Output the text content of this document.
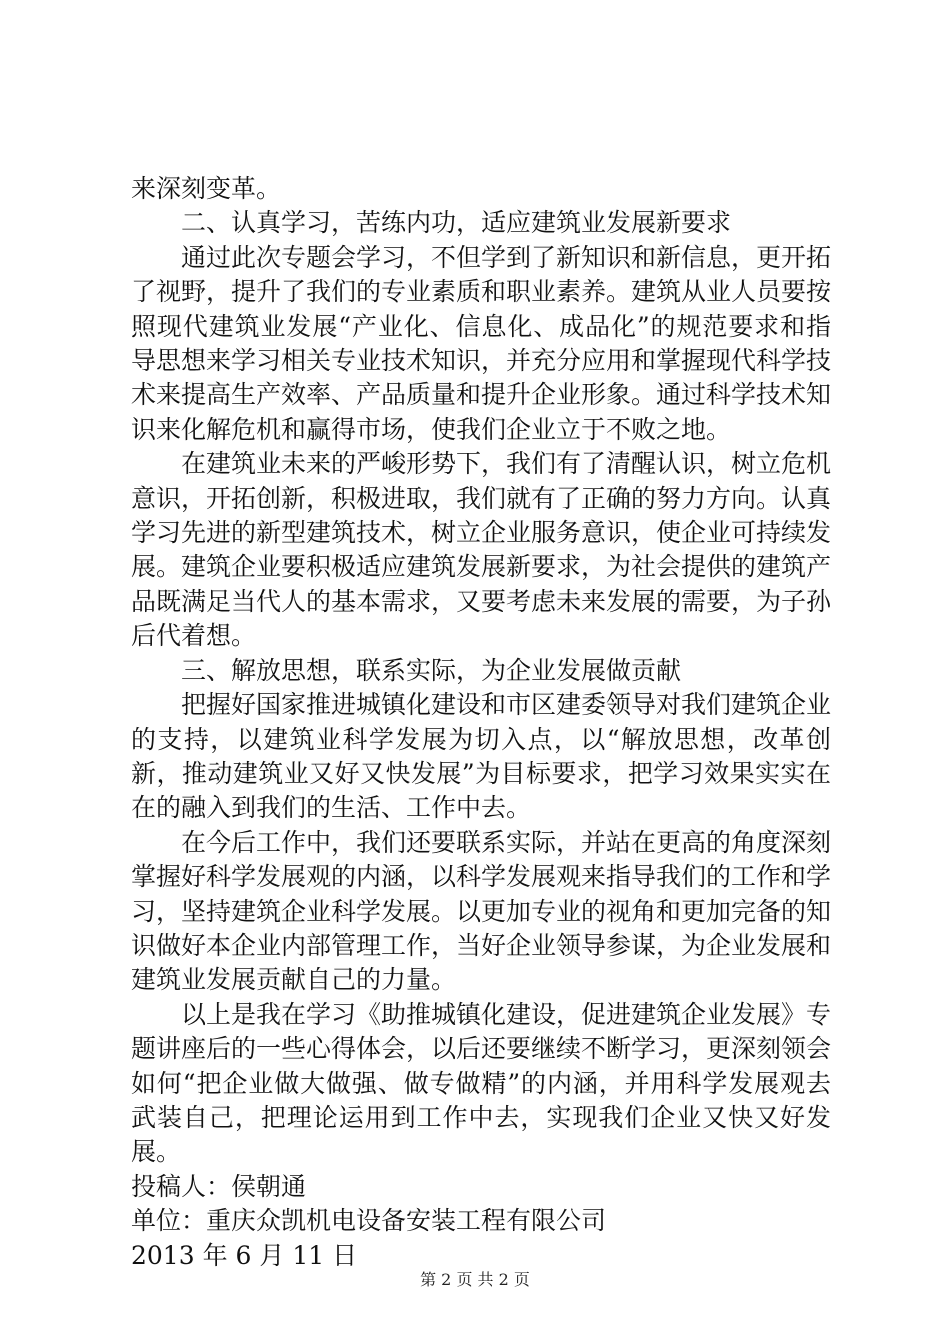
来深刻变革。

二、认真学习，苦练内功，适应建筑业发展新要求

通过此次专题会学习，不但学到了新知识和新信息，更开拓了视野，提升了我们的专业素质和职业素养。建筑从业人员要按照现代建筑业发展“产业化、信息化、成品化”的规范要求和指导思想来学习相关专业技术知识，并充分应用和掌握现代科学技术来提高生产效率、产品质量和提升企业形象。通过科学技术知识来化解危机和赢得市场，使我们企业立于不败之地。

在建筑业未来的严峻形势下，我们有了清醒认识，树立危机意识，开拓创新，积极进取，我们就有了正确的努力方向。认真学习先进的新型建筑技术，树立企业服务意识，使企业可持续发展。建筑企业要积极适应建筑发展新要求，为社会提供的建筑产品既满足当代人的基本需求，又要考虑未来发展的需要，为子孙后代着想。

三、解放思想，联系实际，为企业发展做贡献

把握好国家推进城镇化建设和市区建委领导对我们建筑企业的支持，以建筑业科学发展为切入点，以“解放思想，改革创新，推动建筑业又好又快发展”为目标要求，把学习效果实实在在的融入到我们的生活、工作中去。

在今后工作中，我们还要联系实际，并站在更高的角度深刻掌握好科学发展观的内涵，以科学发展观来指导我们的工作和学习，坚持建筑企业科学发展。以更加专业的视角和更加完备的知识做好本企业内部管理工作，当好企业领导参谋，为企业发展和建筑业发展贡献自己的力量。

以上是我在学习《助推城镇化建设，促进建筑企业发展》专题讲座后的一些心得体会，以后还要继续不断学习，更深刻领会如何“把企业做大做强、做专做精”的内涵，并用科学发展观去武装自己，把理论运用到工作中去，实现我们企业又快又好发展。

投稿人：侯朝通

单位：重庆众凯机电设备安装工程有限公司

2013 年 6 月 11 日

第 2 页 共 2 页
